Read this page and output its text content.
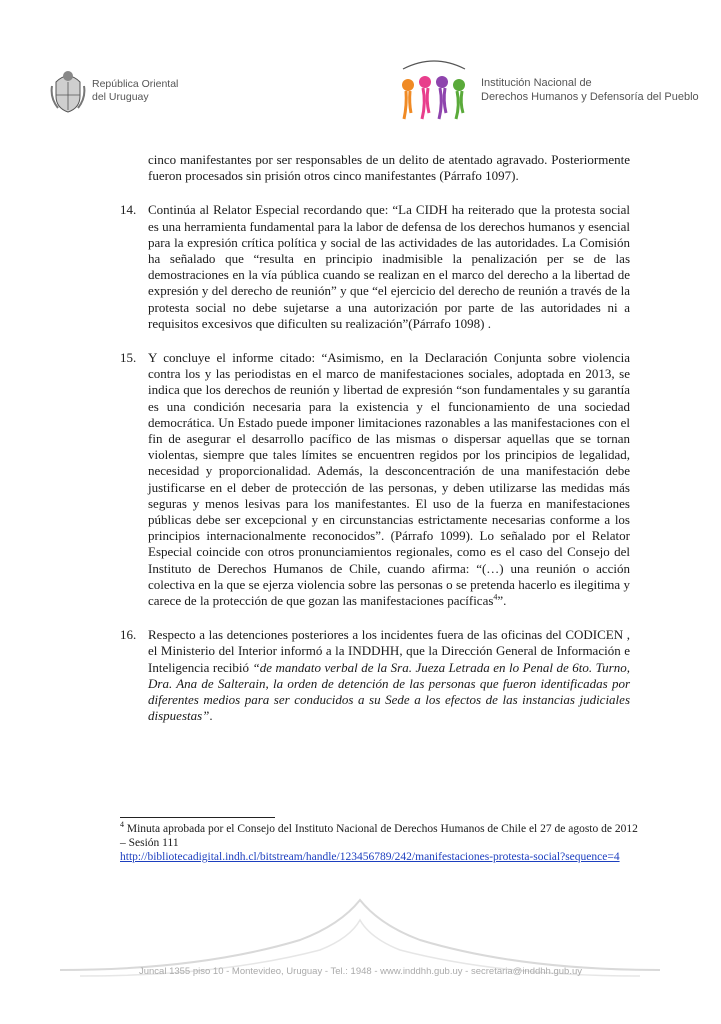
República Oriental
del Uruguay
Institución Nacional de
Derechos Humanos y Defensoría del Pueblo

cinco manifestantes por ser responsables de un delito de atentado agravado. Posteriormente fueron procesados sin prisión otros cinco manifestantes (Párrafo 1097).

14. Continúa al Relator Especial recordando que: “La CIDH ha reiterado que la protesta social es una herramienta fundamental para la labor de defensa de los derechos humanos y esencial para la expresión crítica política y social de las actividades de las autoridades. La Comisión ha señalado que “resulta en principio inadmisible la penalización per se de las demostraciones en la vía pública cuando se realizan en el marco del derecho a la libertad de expresión y del derecho de reunión” y que “el ejercicio del derecho de reunión a través de la protesta social no debe sujetarse a una autorización por parte de las autoridades ni a requisitos excesivos que dificulten su realización”(Párrafo 1098) .

15. Y concluye el informe citado: “Asimismo, en la Declaración Conjunta sobre violencia contra los y las periodistas en el marco de manifestaciones sociales, adoptada en 2013, se indica que los derechos de reunión y libertad de expresión “son fundamentales y su garantía es una condición necesaria para la existencia y el funcionamiento de una sociedad democrática. Un Estado puede imponer limitaciones razonables a las manifestaciones con el fin de asegurar el desarrollo pacífico de las mismas o dispersar aquellas que se tornan violentas, siempre que tales límites se encuentren regidos por los principios de legalidad, necesidad y proporcionalidad. Además, la desconcentración de una manifestación debe justificarse en el deber de protección de las personas, y deben utilizarse las medidas más seguras y menos lesivas para los manifestantes. El uso de la fuerza en manifestaciones públicas debe ser excepcional y en circunstancias estrictamente necesarias conforme a los principios internacionalmente reconocidos”. (Párrafo 1099). Lo señalado por el Relator Especial coincide con otros pronunciamientos regionales, como es el caso del Consejo del Instituto de Derechos Humanos de Chile, cuando afirma: “(…) una reunión o acción colectiva en la que se ejerza violencia sobre las personas o se pretenda hacerlo es ilegitima y carece de la protección de que gozan las manifestaciones pacíficas$^4$”.

16. Respecto a las detenciones posteriores a los incidentes fuera de las oficinas del CODICEN , el Ministerio del Interior informó a la INDDHH, que la Dirección General de Información e Inteligencia recibió “de mandato verbal de la Sra. Jueza Letrada en lo Penal de 6to. Turno, Dra. Ana de Salterain, la orden de detención de las personas que fueron identificadas por diferentes medios para ser conducidos a su Sede a los efectos de las instancias judiciales dispuestas”.

$^4$ Minuta aprobada por el Consejo del Instituto Nacional de Derechos Humanos de Chile el 27 de agosto de 2012 – Sesión 111

http://bibliotecadigital.indh.cl/bitstream/handle/123456789/242/manifestaciones-protesta-social?sequence=4

Juncal 1355 piso 10 - Montevideo, Uruguay - Tel.: 1948 - www.inddhh.gub.uy - secretaria@inddhh.gub.uy
